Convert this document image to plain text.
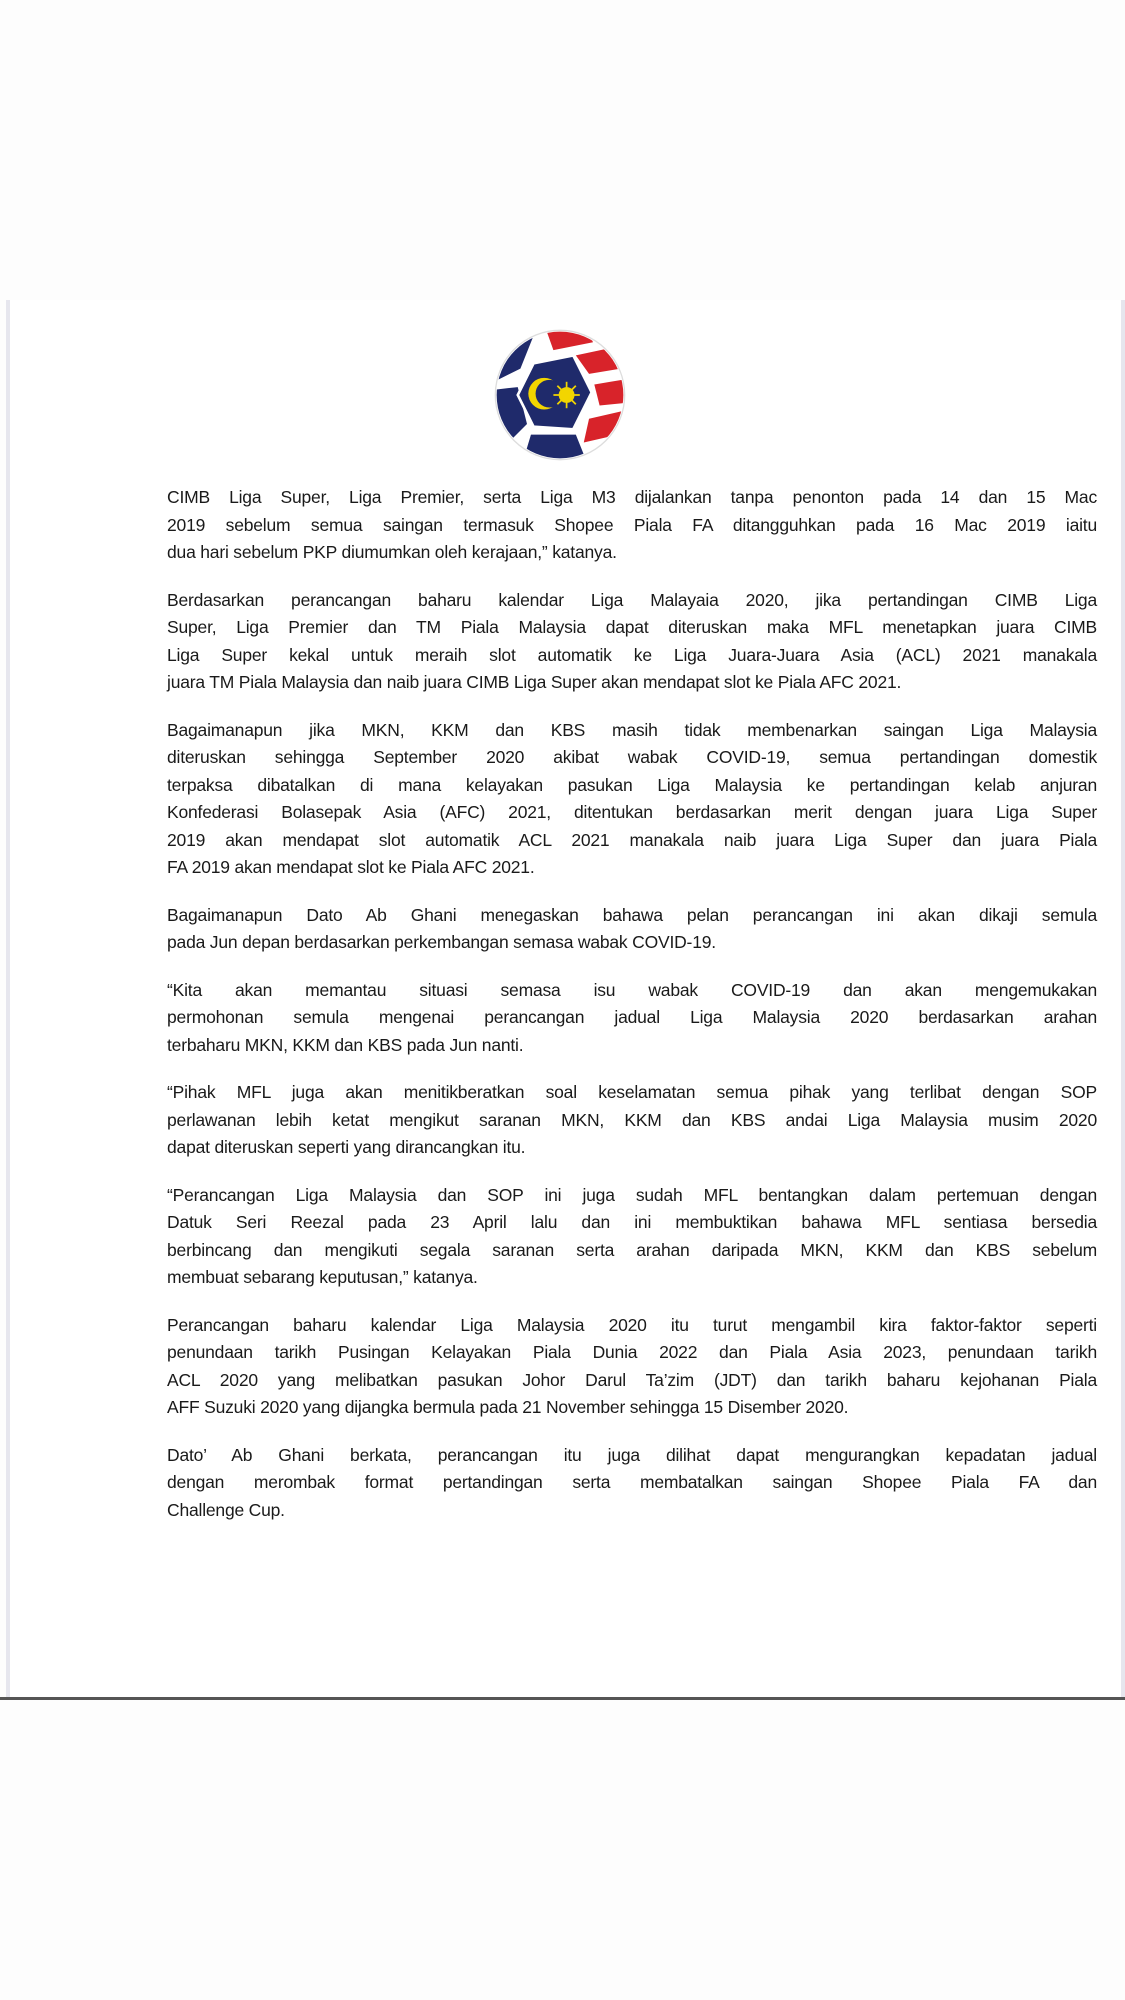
CIMB Liga Super, Liga Premier, serta Liga M3 dijalankan tanpa penonton pada 14 dan 15 Mac
2019 sebelum semua saingan termasuk Shopee Piala FA ditangguhkan pada 16 Mac 2019 iaitu
dua hari sebelum PKP diumumkan oleh kerajaan,” katanya.

Berdasarkan perancangan baharu kalendar Liga Malayaia 2020, jika pertandingan CIMB Liga
Super, Liga Premier dan TM Piala Malaysia dapat diteruskan maka MFL menetapkan juara CIMB
Liga Super kekal untuk meraih slot automatik ke Liga Juara-Juara Asia (ACL) 2021 manakala
juara TM Piala Malaysia dan naib juara CIMB Liga Super akan mendapat slot ke Piala AFC 2021.

Bagaimanapun jika MKN, KKM dan KBS masih tidak membenarkan saingan Liga Malaysia
diteruskan sehingga September 2020 akibat wabak COVID-19, semua pertandingan domestik
terpaksa dibatalkan di mana kelayakan pasukan Liga Malaysia ke pertandingan kelab anjuran
Konfederasi Bolasepak Asia (AFC) 2021, ditentukan berdasarkan merit dengan juara Liga Super
2019 akan mendapat slot automatik ACL 2021 manakala naib juara Liga Super dan juara Piala
FA 2019 akan mendapat slot ke Piala AFC 2021.

Bagaimanapun Dato Ab Ghani menegaskan bahawa pelan perancangan ini akan dikaji semula
pada Jun depan berdasarkan perkembangan semasa wabak COVID-19.

“Kita akan memantau situasi semasa isu wabak COVID-19 dan akan mengemukakan
permohonan semula mengenai perancangan jadual Liga Malaysia 2020 berdasarkan arahan
terbaharu MKN, KKM dan KBS pada Jun nanti.

“Pihak MFL juga akan menitikberatkan soal keselamatan semua pihak yang terlibat dengan SOP
perlawanan lebih ketat mengikut saranan MKN, KKM dan KBS andai Liga Malaysia musim 2020
dapat diteruskan seperti yang dirancangkan itu.

“Perancangan Liga Malaysia dan SOP ini juga sudah MFL bentangkan dalam pertemuan dengan
Datuk Seri Reezal pada 23 April lalu dan ini membuktikan bahawa MFL sentiasa bersedia
berbincang dan mengikuti segala saranan serta arahan daripada MKN, KKM dan KBS sebelum
membuat sebarang keputusan,” katanya.

Perancangan baharu kalendar Liga Malaysia 2020 itu turut mengambil kira faktor-faktor seperti
penundaan tarikh Pusingan Kelayakan Piala Dunia 2022 dan Piala Asia 2023, penundaan tarikh
ACL 2020 yang melibatkan pasukan Johor Darul Ta’zim (JDT) dan tarikh baharu kejohanan Piala
AFF Suzuki 2020 yang dijangka bermula pada 21 November sehingga 15 Disember 2020.

Dato’ Ab Ghani berkata, perancangan itu juga dilihat dapat mengurangkan kepadatan jadual
dengan merombak format pertandingan serta membatalkan saingan Shopee Piala FA dan
Challenge Cup.
